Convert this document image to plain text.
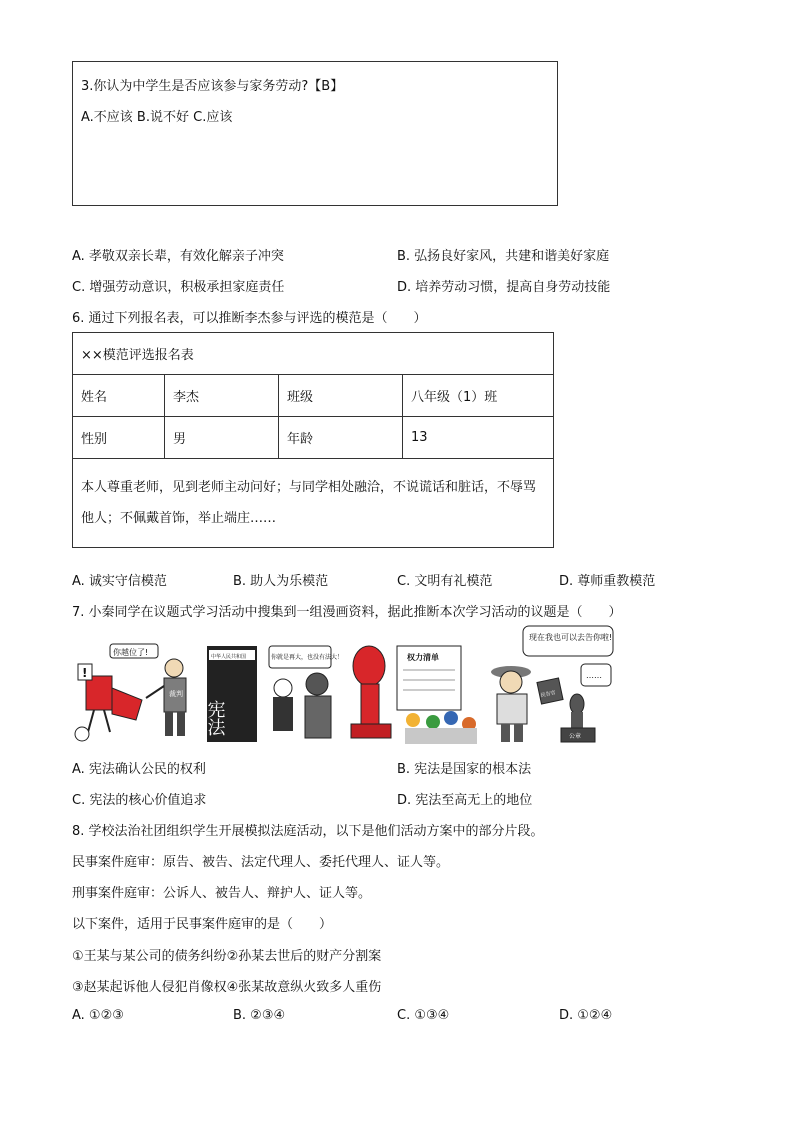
3.你认为中学生是否应该参与家务劳动?【B】
A.不应该 B.说不好 C.应该
A. 孝敬双亲长辈，有效化解亲子冲突	B. 弘扬良好家风，共建和谐美好家庭
C. 增强劳动意识，积极承担家庭责任	D. 培养劳动习惯，提高自身劳动技能
6. 通过下列报名表，可以推断李杰参与评选的模范是（　　）
××模范评选报名表			
姓名	李杰	班级	八年级（1）班
性别	男	年龄	13
本人尊重老师，见到老师主动问好；与同学相处融洽，不说谎话和脏话，不辱骂他人；不佩戴首饰，举止端庄……			
A. 诚实守信模范	B. 助人为乐模范	C. 文明有礼模范	D. 尊师重教模范
7. 小秦同学在议题式学习活动中搜集到一组漫画资料，据此推断本次学习活动的议题是（　　）
你越位了!
!
裁判
中华人民共和国
宪法
你就是再大，也没有法大！	权力清单
现在我也可以去告你啦!
民告官
……
公章
A. 宪法确认公民的权利	B. 宪法是国家的根本法
C. 宪法的核心价值追求	D. 宪法至高无上的地位
8. 学校法治社团组织学生开展模拟法庭活动，以下是他们活动方案中的部分片段。
民事案件庭审：原告、被告、法定代理人、委托代理人、证人等。
刑事案件庭审：公诉人、被告人、辩护人、证人等。
以下案件，适用于民事案件庭审的是（　　）
①王某与某公司的债务纠纷②孙某去世后的财产分割案
③赵某起诉他人侵犯肖像权④张某故意纵火致多人重伤
A. ①②③	B. ②③④	C. ①③④	D. ①②④
